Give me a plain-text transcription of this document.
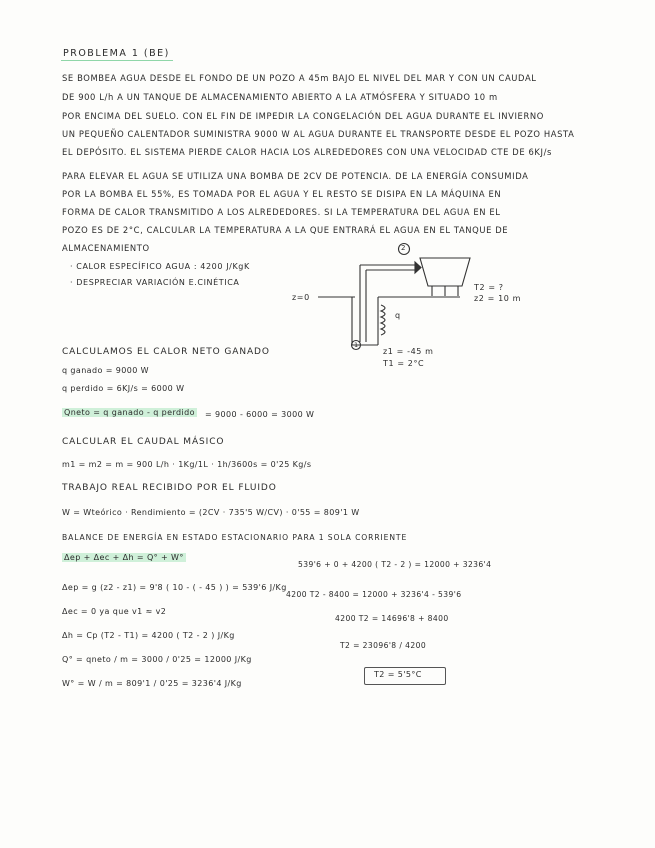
PROBLEMA 1 (BE)
SE BOMBEA AGUA DESDE EL FONDO DE UN POZO A 45m BAJO EL NIVEL DEL MAR Y CON UN CAUDAL
DE 900 L/h A UN TANQUE DE ALMACENAMIENTO ABIERTO A LA ATMÓSFERA Y SITUADO 10 m
POR ENCIMA DEL SUELO. CON EL FIN DE IMPEDIR LA CONGELACIÓN DEL AGUA DURANTE EL INVIERNO
UN PEQUEÑO CALENTADOR SUMINISTRA 9000 W AL AGUA DURANTE EL TRANSPORTE DESDE EL POZO HASTA
EL DEPÓSITO. EL SISTEMA PIERDE CALOR HACIA LOS ALREDEDORES CON UNA VELOCIDAD CTE DE 6KJ/s
PARA ELEVAR EL AGUA SE UTILIZA UNA BOMBA DE 2CV DE POTENCIA. DE LA ENERGÍA CONSUMIDA
POR LA BOMBA EL 55%, ES TOMADA POR EL AGUA Y EL RESTO SE DISIPA EN LA MÁQUINA EN
FORMA DE CALOR TRANSMITIDO A LOS ALREDEDORES. SI LA TEMPERATURA DEL AGUA EN EL
POZO ES DE 2°C, CALCULAR LA TEMPERATURA A LA QUE ENTRARÁ EL AGUA EN EL TANQUE DE
ALMACENAMIENTO
· CALOR ESPECÍFICO AGUA : 4200 J/KgK
· DESPRECIAR VARIACIÓN E.CINÉTICA
z=0
T2 = ?
z2 = 10 m
z1 = -45 m
T1 = 2°C
q
2
1
CALCULAMOS EL CALOR NETO GANADO
q ganado = 9000 W
q perdido = 6KJ/s = 6000 W
Qneto = q ganado - q perdido = 9000 - 6000 = 3000 W
CALCULAR EL CAUDAL MÁSICO
m1 = m2 = m = 900 L/h · 1Kg/1L · 1h/3600s = 0'25 Kg/s
TRABAJO REAL RECIBIDO POR EL FLUIDO
W = Wteórico · Rendimiento = (2CV · 735'5 W/CV) · 0'55 = 809'1 W
BALANCE DE ENERGÍA EN ESTADO ESTACIONARIO PARA 1 SOLA CORRIENTE
Δep + Δec + Δh = Q° + W°
Δep = g (z2 - z1) = 9'8 ( 10 - ( - 45 ) ) = 539'6 J/Kg
Δec = 0 ya que v1 ≈ v2
Δh = Cp (T2 - T1) = 4200 ( T2 - 2 ) J/Kg
Q° = qneto / m = 3000 / 0'25 = 12000 J/Kg
W° = W / m = 809'1 / 0'25 = 3236'4 J/Kg
539'6 + 0 + 4200 ( T2 - 2 ) = 12000 + 3236'4
4200 T2 - 8400 = 12000 + 3236'4 - 539'6
4200 T2 = 14696'8 + 8400
T2 = 23096'8 / 4200
T2 = 5'5°C
